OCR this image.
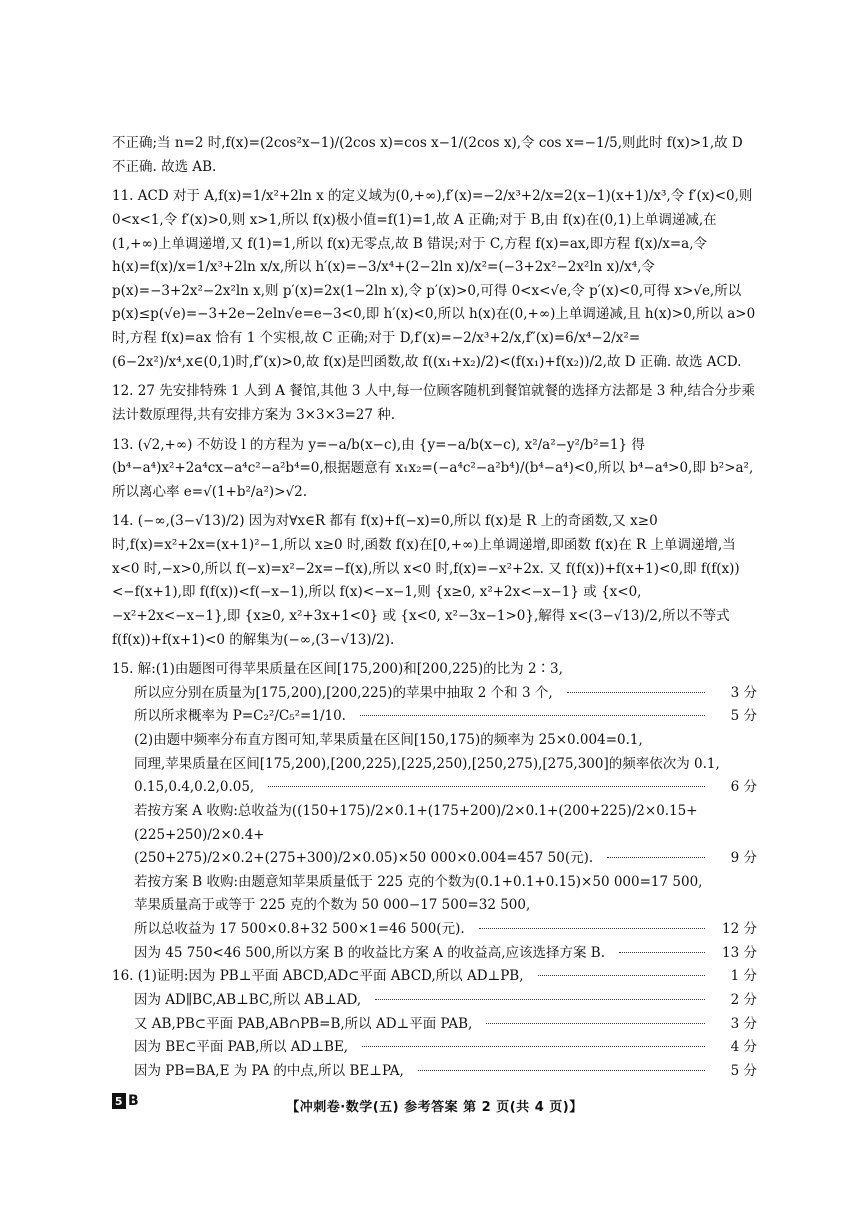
不正确;当 n=2 时,f(x)=(2cos²x−1)/(2cos x)=cos x−1/(2cos x),令 cos x=−1/5,则此时 f(x)>1,故 D 不正确. 故选 AB.

11. ACD 对于 A,f(x)=1/x²+2ln x 的定义域为(0,+∞),f′(x)=−2/x³+2/x=2(x−1)(x+1)/x³,令 f′(x)<0,则 0<x<1,令 f′(x)>0,则 x>1,所以 f(x)极小值=f(1)=1,故 A 正确;对于 B,由 f(x)在(0,1)上单调递减,在(1,+∞)上单调递增,又 f(1)=1,所以 f(x)无零点,故 B 错误;对于 C,方程 f(x)=ax,即方程 f(x)/x=a,令 h(x)=f(x)/x=1/x³+2ln x/x,所以 h′(x)=−3/x⁴+(2−2ln x)/x²=(−3+2x²−2x²ln x)/x⁴,令 p(x)=−3+2x²−2x²ln x,则 p′(x)=2x(1−2ln x),令 p′(x)>0,可得 0<x<√e,令 p′(x)<0,可得 x>√e,所以 p(x)≤p(√e)=−3+2e−2eln√e=e−3<0,即 h′(x)<0,所以 h(x)在(0,+∞)上单调递减,且 h(x)>0,所以 a>0 时,方程 f(x)=ax 恰有 1 个实根,故 C 正确;对于 D,f′(x)=−2/x³+2/x,f″(x)=6/x⁴−2/x²=(6−2x²)/x⁴,x∈(0,1)时,f″(x)>0,故 f(x)是凹函数,故 f((x₁+x₂)/2)<(f(x₁)+f(x₂))/2,故 D 正确. 故选 ACD.

12. 27 先安排特殊 1 人到 A 餐馆,其他 3 人中,每一位顾客随机到餐馆就餐的选择方法都是 3 种,结合分步乘法计数原理得,共有安排方案为 3×3×3=27 种.

13. (√2,+∞) 不妨设 l 的方程为 y=−a/b(x−c),由 {y=−a/b(x−c), x²/a²−y²/b²=1} 得 (b⁴−a⁴)x²+2a⁴cx−a⁴c²−a²b⁴=0,根据题意有 x₁x₂=(−a⁴c²−a²b⁴)/(b⁴−a⁴)<0,所以 b⁴−a⁴>0,即 b²>a²,所以离心率 e=√(1+b²/a²)>√2.

14. (−∞,(3−√13)/2) 因为对∀x∈R 都有 f(x)+f(−x)=0,所以 f(x)是 R 上的奇函数,又 x≥0 时,f(x)=x²+2x=(x+1)²−1,所以 x≥0 时,函数 f(x)在[0,+∞)上单调递增,即函数 f(x)在 R 上单调递增,当 x<0 时,−x>0,所以 f(−x)=x²−2x=−f(x),所以 x<0 时,f(x)=−x²+2x. 又 f(f(x))+f(x+1)<0,即 f(f(x))<−f(x+1),即 f(f(x))<f(−x−1),所以 f(x)<−x−1,则 {x≥0, x²+2x<−x−1} 或 {x<0, −x²+2x<−x−1},即 {x≥0, x²+3x+1<0} 或 {x<0, x²−3x−1>0},解得 x<(3−√13)/2,所以不等式 f(f(x))+f(x+1)<0 的解集为(−∞,(3−√13)/2).

15. 解:(1)由题图可得苹果质量在区间[175,200)和[200,225)的比为 2∶3,
所以应分别在质量为[175,200),[200,225)的苹果中抽取 2 个和 3 个,	3 分
所以所求概率为 P=C₂²/C₅²=1/10.	5 分
(2)由题中频率分布直方图可知,苹果质量在区间[150,175)的频率为 25×0.004=0.1,
同理,苹果质量在区间[175,200),[200,225),[225,250),[250,275),[275,300]的频率依次为 0.1,
0.15,0.4,0.2,0.05,	6 分
若按方案 A 收购:总收益为((150+175)/2×0.1+(175+200)/2×0.1+(200+225)/2×0.15+(225+250)/2×0.4+
(250+275)/2×0.2+(275+300)/2×0.05)×50 000×0.004=457 50(元).	9 分
若按方案 B 收购:由题意知苹果质量低于 225 克的个数为(0.1+0.1+0.15)×50 000=17 500,
苹果质量高于或等于 225 克的个数为 50 000−17 500=32 500,
所以总收益为 17 500×0.8+32 500×1=46 500(元).	12 分
因为 45 750<46 500,所以方案 B 的收益比方案 A 的收益高,应该选择方案 B.	13 分
16. (1)证明:因为 PB⊥平面 ABCD,AD⊂平面 ABCD,所以 AD⊥PB,	1 分
因为 AD∥BC,AB⊥BC,所以 AB⊥AD,	2 分
又 AB,PB⊂平面 PAB,AB∩PB=B,所以 AD⊥平面 PAB,	3 分
因为 BE⊂平面 PAB,所以 AD⊥BE,	4 分
因为 PB=BA,E 为 PA 的中点,所以 BE⊥PA,	5 分
5 B	【冲刺卷·数学(五) 参考答案 第 2 页(共 4 页)】
